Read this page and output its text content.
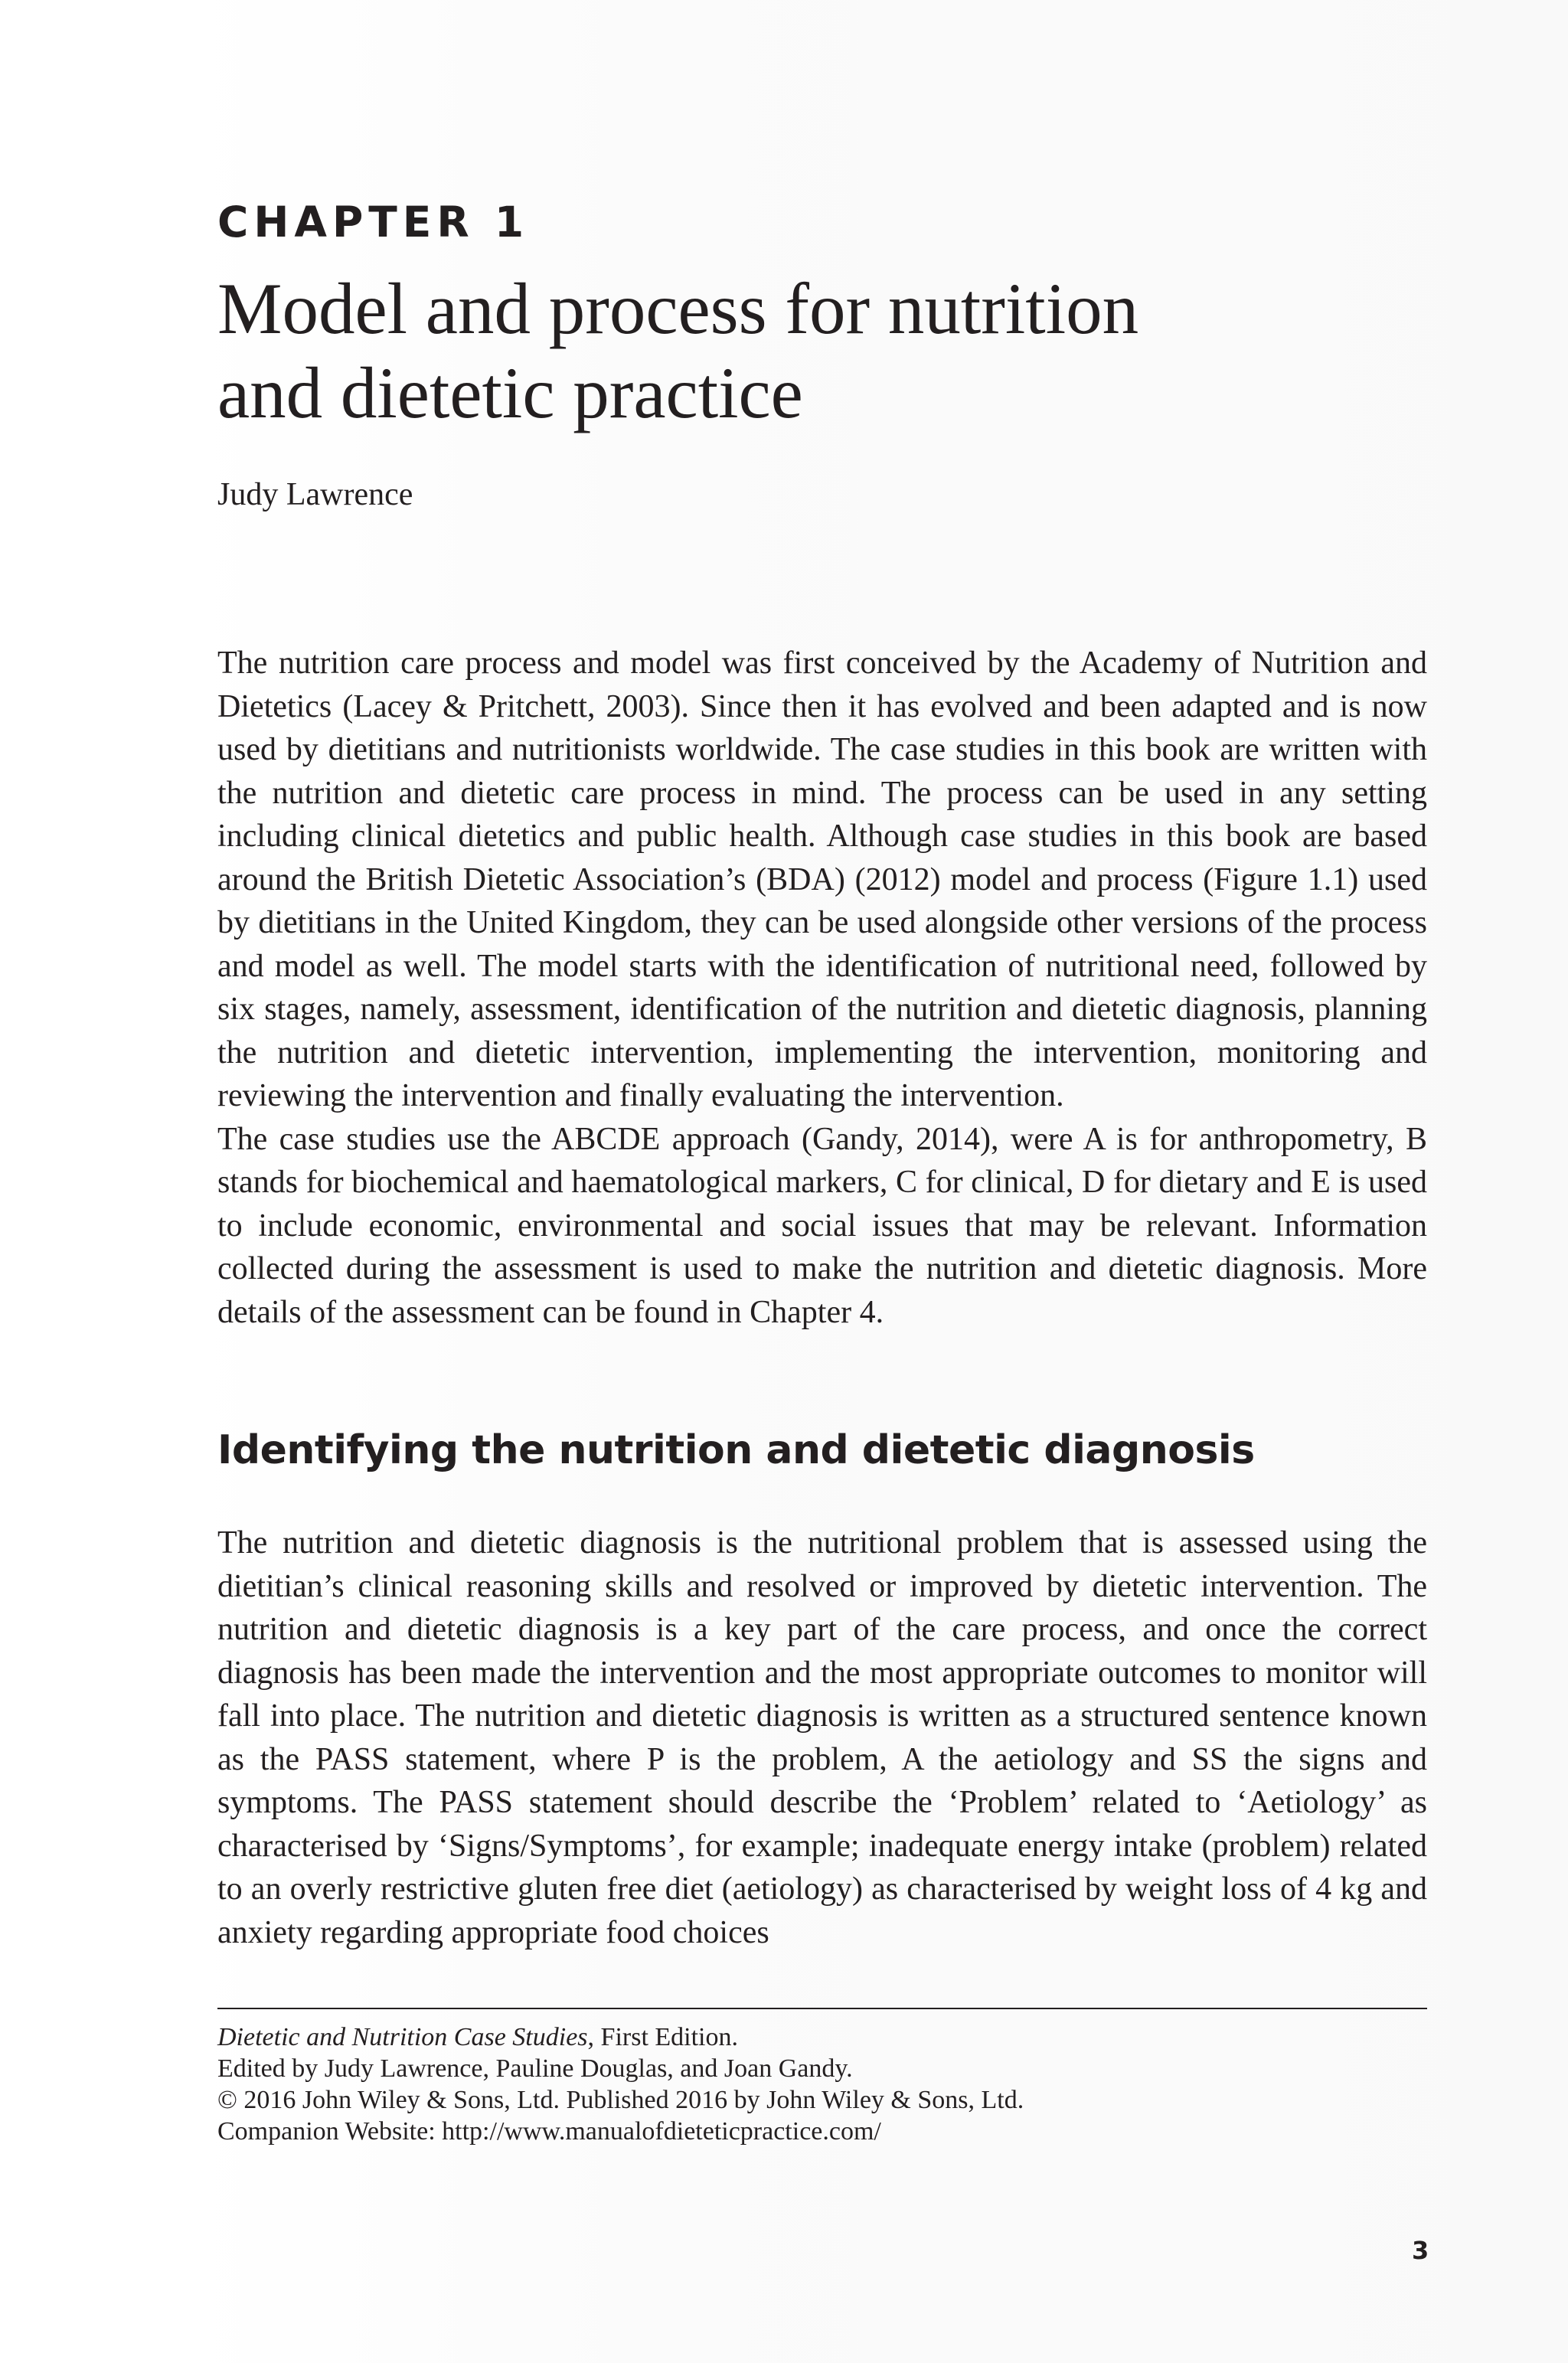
CHAPTER 1
Model and process for nutrition
and dietetic practice
Judy Lawrence

The nutrition care process and model was first conceived by the Academy of Nutrition and Dietetics (Lacey & Pritchett, 2003). Since then it has evolved and been adapted and is now used by dietitians and nutritionists worldwide. The case studies in this book are written with the nutrition and dietetic care process in mind. The process can be used in any setting including clinical dietetics and public health. Although case studies in this book are based around the British Dietetic Association’s (BDA) (2012) model and process (Figure 1.1) used by dietitians in the United Kingdom, they can be used alongside other versions of the process and model as well. The model starts with the identification of nutritional need, followed by six stages, namely, assessment, identification of the nutrition and dietetic diagnosis, planning the nutrition and dietetic intervention, implementing the intervention, monitoring and reviewing the intervention and finally evaluating the intervention.

The case studies use the ABCDE approach (Gandy, 2014), were A is for anthropometry, B stands for biochemical and haematological markers, C for clinical, D for dietary and E is used to include economic, environmental and social issues that may be relevant. Information collected during the assessment is used to make the nutrition and dietetic diagnosis. More details of the assessment can be found in Chapter 4.

Identifying the nutrition and dietetic diagnosis

The nutrition and dietetic diagnosis is the nutritional problem that is assessed using the dietitian’s clinical reasoning skills and resolved or improved by dietetic intervention. The nutrition and dietetic diagnosis is a key part of the care process, and once the correct diagnosis has been made the intervention and the most appropriate outcomes to monitor will fall into place. The nutrition and dietetic diagnosis is written as a structured sentence known as the PASS statement, where P is the problem, A the aetiology and SS the signs and symptoms. The PASS statement should describe the ‘Problem’ related to ‘Aetiology’ as characterised by ‘Signs/Symptoms’, for example; inadequate energy intake (problem) related to an overly restrictive gluten free diet (aetiology) as characterised by weight loss of 4 kg and anxiety regarding appropriate food choices

Dietetic and Nutrition Case Studies, First Edition.
Edited by Judy Lawrence, Pauline Douglas, and Joan Gandy.
© 2016 John Wiley & Sons, Ltd. Published 2016 by John Wiley & Sons, Ltd.
Companion Website: http://www.manualofdieteticpractice.com/
3
